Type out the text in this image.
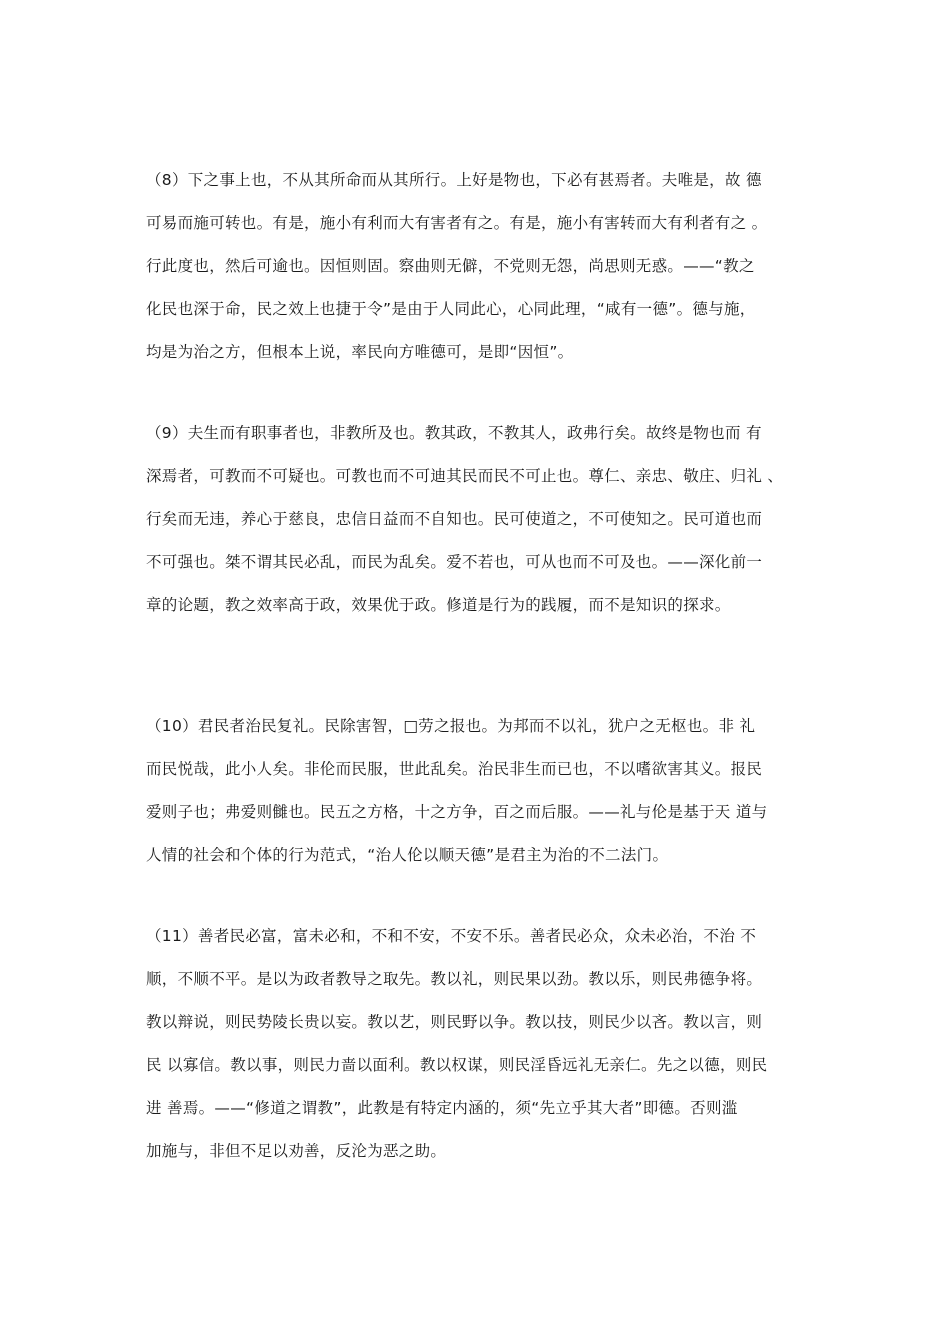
（8）下之事上也，不从其所命而从其所行。上好是物也，下必有甚焉者。夫唯是，故 德
可易而施可转也。有是，施小有利而大有害者有之。有是，施小有害转而大有利者有之 。
行此度也，然后可逾也。因恒则固。察曲则无僻，不党则无怨，尚思则无惑。——“教之
化民也深于命，民之效上也捷于令”是由于人同此心，心同此理，“咸有一德”。德与施，
均是为治之方，但根本上说，率民向方唯德可，是即“因恒”。
（9）夫生而有职事者也，非教所及也。教其政，不教其人，政弗行矣。故终是物也而 有
深焉者，可教而不可疑也。可教也而不可迪其民而民不可止也。尊仁、亲忠、敬庄、归礼 、
行矣而无违，养心于慈良，忠信日益而不自知也。民可使道之，不可使知之。民可道也而
不可强也。桀不谓其民必乱，而民为乱矣。爱不若也，可从也而不可及也。——深化前一
章的论题，教之效率高于政，效果优于政。修道是行为的践履，而不是知识的探求。
（10）君民者治民复礼。民除害智，□劳之报也。为邦而不以礼，犹户之无枢也。非 礼
而民悦哉，此小人矣。非伦而民服，世此乱矣。治民非生而已也，不以嗜欲害其义。报民
爱则子也；弗爱则雠也。民五之方格，十之方争，百之而后服。——礼与伦是基于天 道与
人情的社会和个体的行为范式，“治人伦以顺天德”是君主为治的不二法门。
（11）善者民必富，富未必和，不和不安，不安不乐。善者民必众，众未必治，不治 不
顺，不顺不平。是以为政者教导之取先。教以礼，则民果以劲。教以乐，则民弗德争将。
教以辩说，则民势陵长贵以妄。教以艺，则民野以争。教以技，则民少以吝。教以言，则
民 以寡信。教以事，则民力啬以面利。教以权谋，则民淫昏远礼无亲仁。先之以德，则民
进 善焉。——“修道之谓教”，此教是有特定内涵的，须“先立乎其大者”即德。否则滥
加施与，非但不足以劝善，反沦为恶之助。
